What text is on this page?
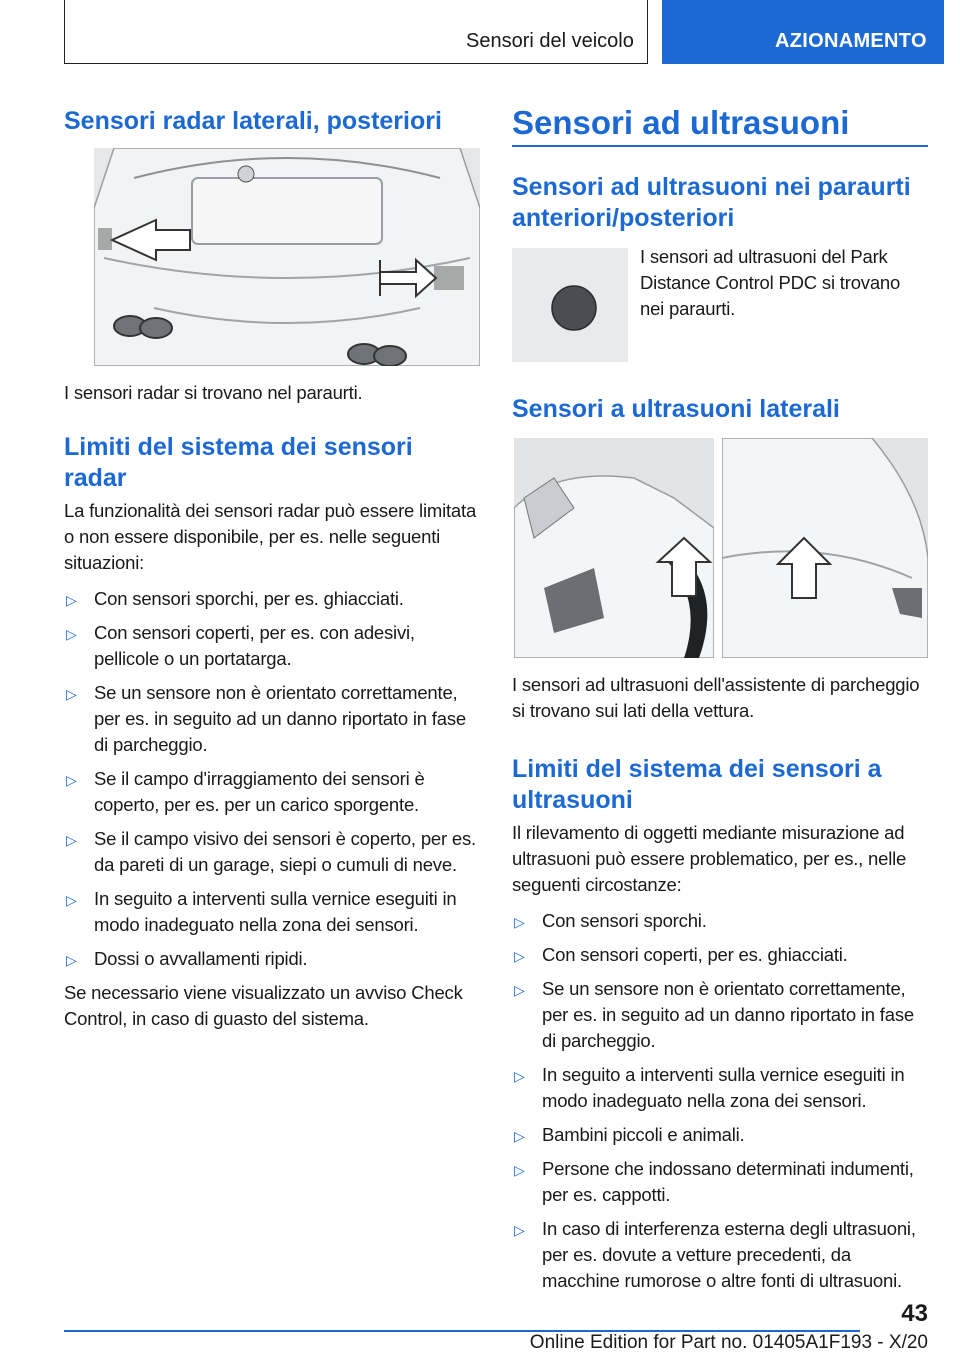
Sensori del veicolo	AZIONAMENTO
Sensori radar laterali, posteriori

I sensori radar si trovano nel paraurti.

Limiti del sistema dei sensori radar

La funzionalità dei sensori radar può essere limitata o non essere disponibile, per es. nelle seguenti situazioni:

▷ Con sensori sporchi, per es. ghiacciati.
▷ Con sensori coperti, per es. con adesivi, pellicole o un portatarga.
▷ Se un sensore non è orientato correttamente, per es. in seguito ad un danno riportato in fase di parcheggio.
▷ Se il campo d'irraggiamento dei sensori è coperto, per es. per un carico sporgente.
▷ Se il campo visivo dei sensori è coperto, per es. da pareti di un garage, siepi o cumuli di neve.
▷ In seguito a interventi sulla vernice eseguiti in modo inadeguato nella zona dei sensori.
▷ Dossi o avvallamenti ripidi.

Se necessario viene visualizzato un avviso Check Control, in caso di guasto del sistema.

Sensori ad ultrasuoni
Sensori ad ultrasuoni nei paraurti anteriori/posteriori

I sensori ad ultrasuoni del Park Distance Control PDC si trovano nei paraurti.

Sensori a ultrasuoni laterali

I sensori ad ultrasuoni dell'assistente di parcheggio si trovano sui lati della vettura.

Limiti del sistema dei sensori a ultrasuoni

Il rilevamento di oggetti mediante misurazione ad ultrasuoni può essere problematico, per es., nelle seguenti circostanze:

▷ Con sensori sporchi.
▷ Con sensori coperti, per es. ghiacciati.
▷ Se un sensore non è orientato correttamente, per es. in seguito ad un danno riportato in fase di parcheggio.
▷ In seguito a interventi sulla vernice eseguiti in modo inadeguato nella zona dei sensori.
▷ Bambini piccoli e animali.
▷ Persone che indossano determinati indumenti, per es. cappotti.
▷ In caso di interferenza esterna degli ultrasuoni, per es. dovute a vetture precedenti, da macchine rumorose o altre fonti di ultrasuoni.
43
Online Edition for Part no. 01405A1F193 - X/20
